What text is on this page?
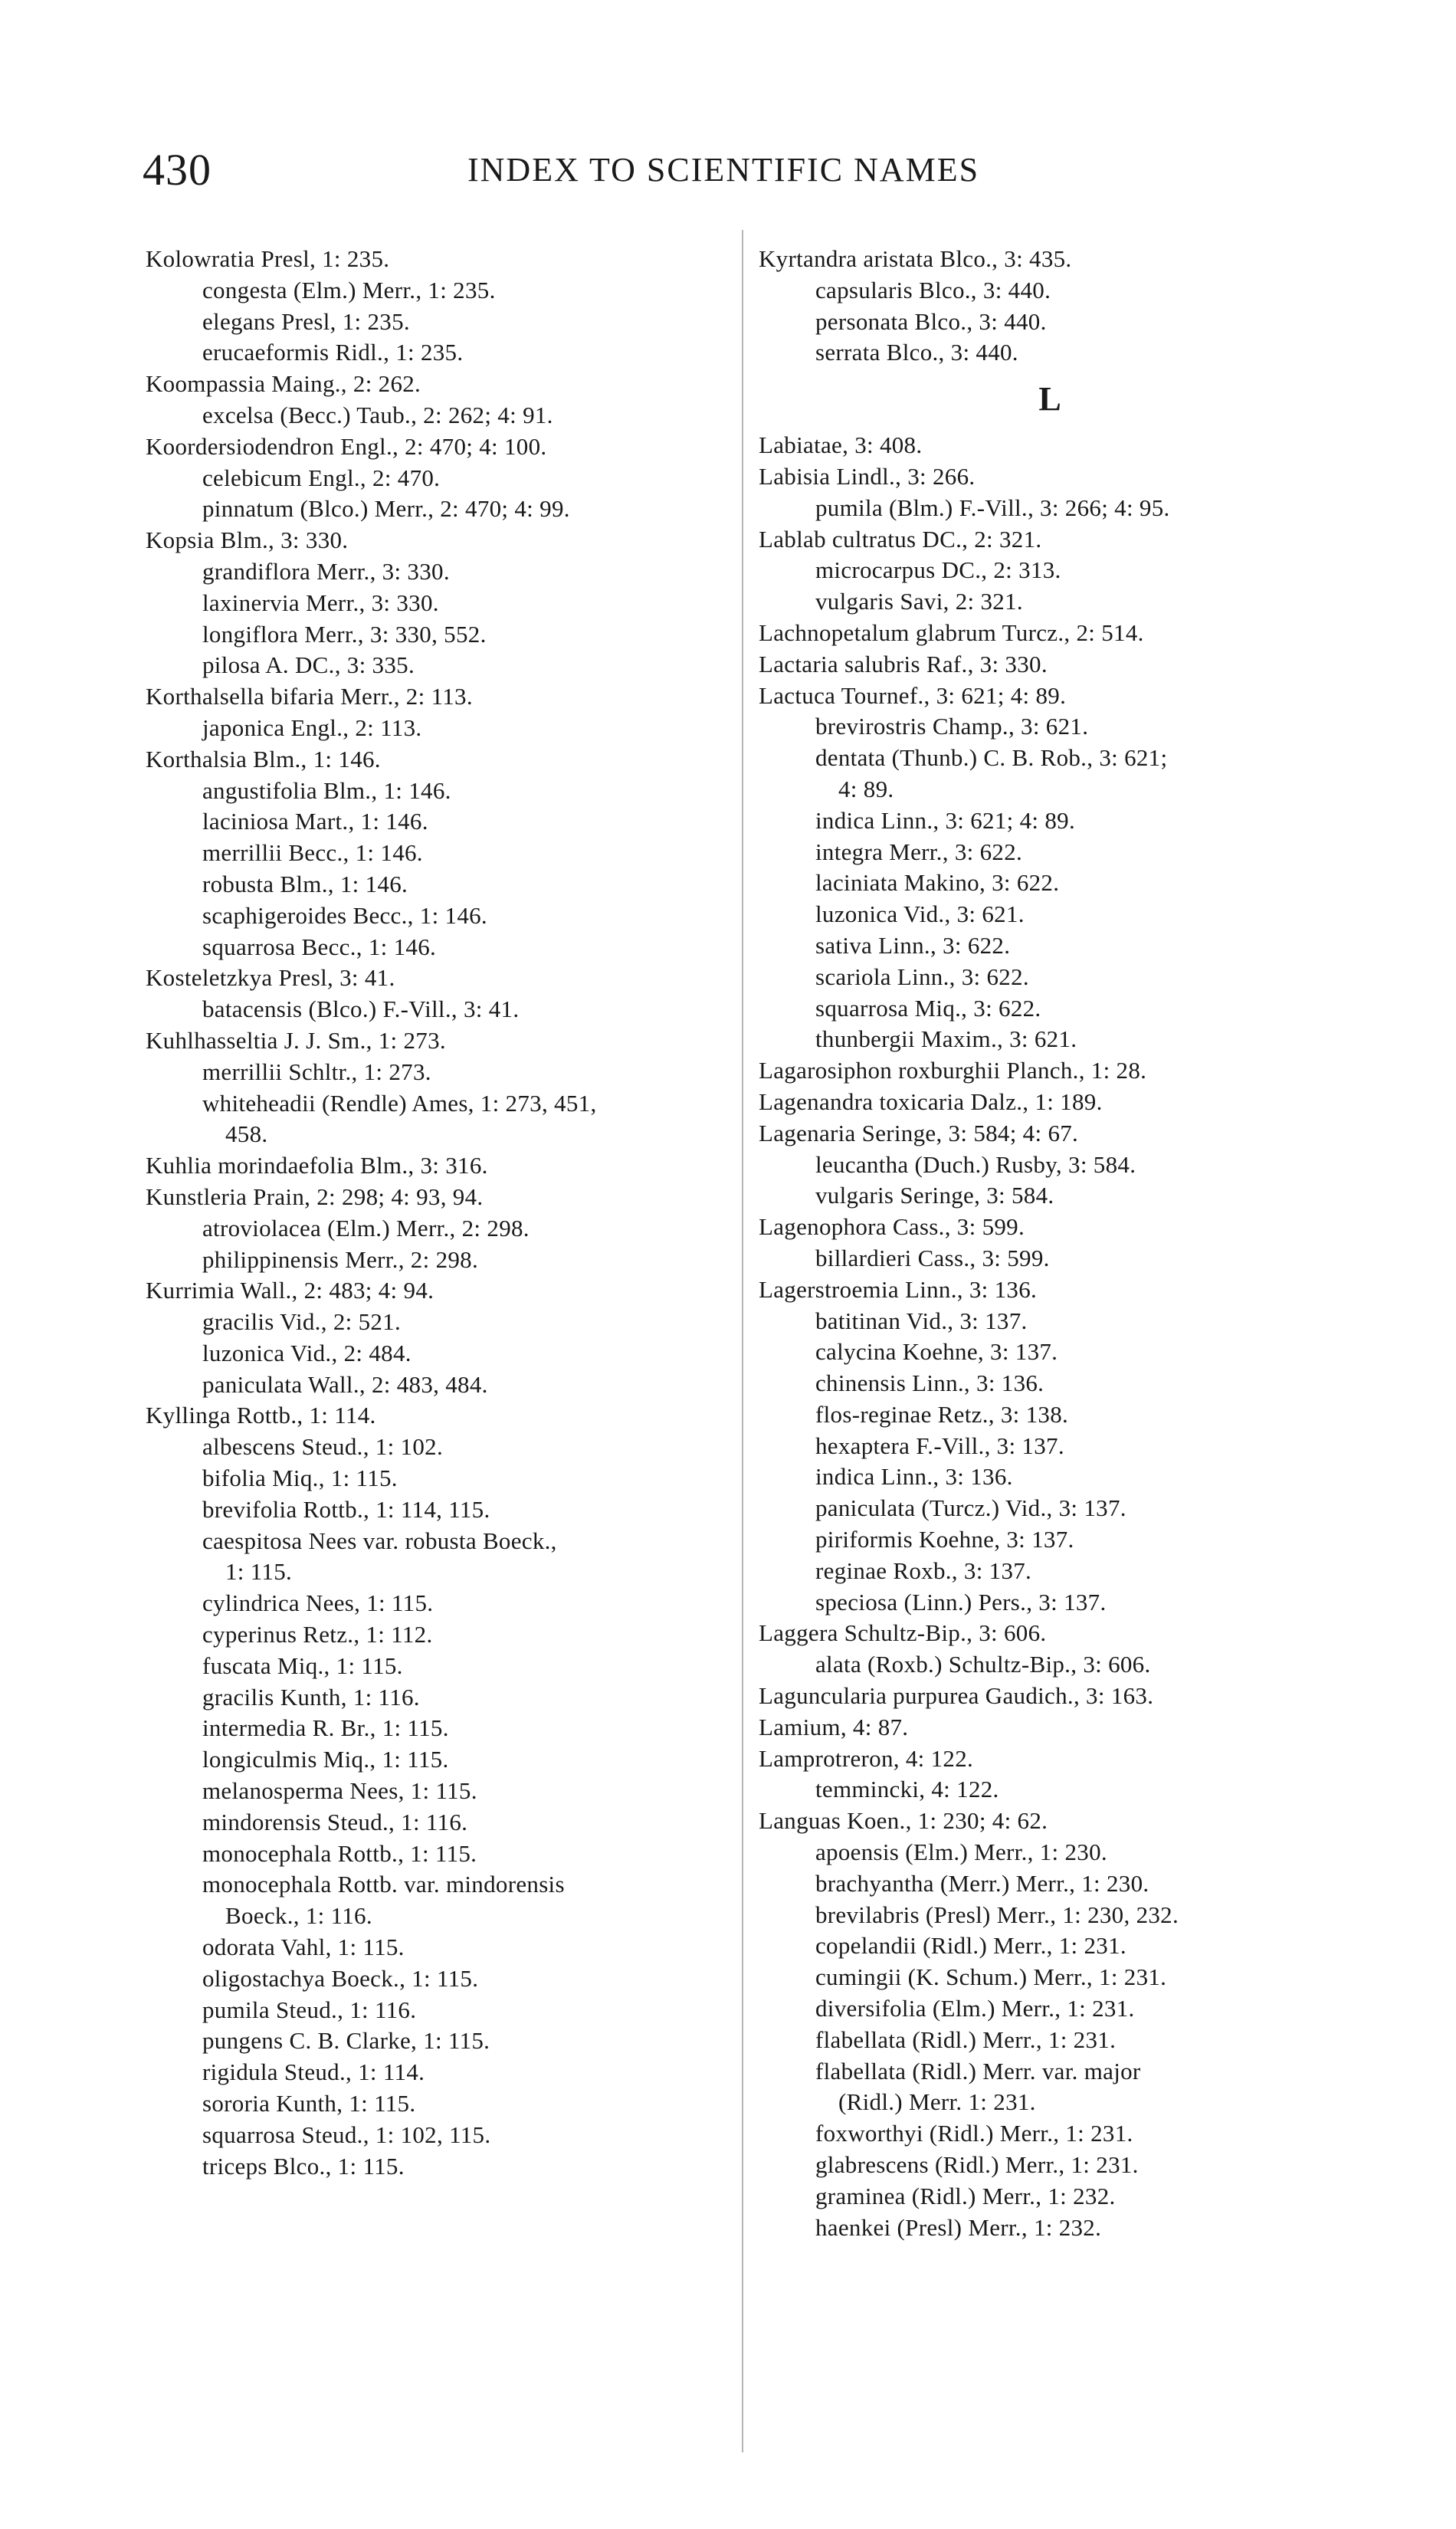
430	INDEX TO SCIENTIFIC NAMES
Kolowratia Presl, 1: 235.
congesta (Elm.) Merr., 1: 235.
elegans Presl, 1: 235.
erucaeformis Ridl., 1: 235.
Koompassia Maing., 2: 262.
excelsa (Becc.) Taub., 2: 262; 4: 91.
Koordersiodendron Engl., 2: 470; 4: 100.
celebicum Engl., 2: 470.
pinnatum (Blco.) Merr., 2: 470; 4: 99.
Kopsia Blm., 3: 330.
grandiflora Merr., 3: 330.
laxinervia Merr., 3: 330.
longiflora Merr., 3: 330, 552.
pilosa A. DC., 3: 335.
Korthalsella bifaria Merr., 2: 113.
japonica Engl., 2: 113.
Korthalsia Blm., 1: 146.
angustifolia Blm., 1: 146.
laciniosa Mart., 1: 146.
merrillii Becc., 1: 146.
robusta Blm., 1: 146.
scaphigeroides Becc., 1: 146.
squarrosa Becc., 1: 146.
Kosteletzkya Presl, 3: 41.
batacensis (Blco.) F.-Vill., 3: 41.
Kuhlhasseltia J. J. Sm., 1: 273.
merrillii Schltr., 1: 273.
whiteheadii (Rendle) Ames, 1: 273, 451,
458.
Kuhlia morindaefolia Blm., 3: 316.
Kunstleria Prain, 2: 298; 4: 93, 94.
atroviolacea (Elm.) Merr., 2: 298.
philippinensis Merr., 2: 298.
Kurrimia Wall., 2: 483; 4: 94.
gracilis Vid., 2: 521.
luzonica Vid., 2: 484.
paniculata Wall., 2: 483, 484.
Kyllinga Rottb., 1: 114.
albescens Steud., 1: 102.
bifolia Miq., 1: 115.
brevifolia Rottb., 1: 114, 115.
caespitosa Nees var. robusta Boeck.,
1: 115.
cylindrica Nees, 1: 115.
cyperinus Retz., 1: 112.
fuscata Miq., 1: 115.
gracilis Kunth, 1: 116.
intermedia R. Br., 1: 115.
longiculmis Miq., 1: 115.
melanosperma Nees, 1: 115.
mindorensis Steud., 1: 116.
monocephala Rottb., 1: 115.
monocephala Rottb. var. mindorensis
Boeck., 1: 116.
odorata Vahl, 1: 115.
oligostachya Boeck., 1: 115.
pumila Steud., 1: 116.
pungens C. B. Clarke, 1: 115.
rigidula Steud., 1: 114.
sororia Kunth, 1: 115.
squarrosa Steud., 1: 102, 115.
triceps Blco., 1: 115.
Kyrtandra aristata Blco., 3: 435.
capsularis Blco., 3: 440.
personata Blco., 3: 440.
serrata Blco., 3: 440.
L
Labiatae, 3: 408.
Labisia Lindl., 3: 266.
pumila (Blm.) F.-Vill., 3: 266; 4: 95.
Lablab cultratus DC., 2: 321.
microcarpus DC., 2: 313.
vulgaris Savi, 2: 321.
Lachnopetalum glabrum Turcz., 2: 514.
Lactaria salubris Raf., 3: 330.
Lactuca Tournef., 3: 621; 4: 89.
brevirostris Champ., 3: 621.
dentata (Thunb.) C. B. Rob., 3: 621;
4: 89.
indica Linn., 3: 621; 4: 89.
integra Merr., 3: 622.
laciniata Makino, 3: 622.
luzonica Vid., 3: 621.
sativa Linn., 3: 622.
scariola Linn., 3: 622.
squarrosa Miq., 3: 622.
thunbergii Maxim., 3: 621.
Lagarosiphon roxburghii Planch., 1: 28.
Lagenandra toxicaria Dalz., 1: 189.
Lagenaria Seringe, 3: 584; 4: 67.
leucantha (Duch.) Rusby, 3: 584.
vulgaris Seringe, 3: 584.
Lagenophora Cass., 3: 599.
billardieri Cass., 3: 599.
Lagerstroemia Linn., 3: 136.
batitinan Vid., 3: 137.
calycina Koehne, 3: 137.
chinensis Linn., 3: 136.
flos-reginae Retz., 3: 138.
hexaptera F.-Vill., 3: 137.
indica Linn., 3: 136.
paniculata (Turcz.) Vid., 3: 137.
piriformis Koehne, 3: 137.
reginae Roxb., 3: 137.
speciosa (Linn.) Pers., 3: 137.
Laggera Schultz-Bip., 3: 606.
alata (Roxb.) Schultz-Bip., 3: 606.
Laguncularia purpurea Gaudich., 3: 163.
Lamium, 4: 87.
Lamprotreron, 4: 122.
temmincki, 4: 122.
Languas Koen., 1: 230; 4: 62.
apoensis (Elm.) Merr., 1: 230.
brachyantha (Merr.) Merr., 1: 230.
brevilabris (Presl) Merr., 1: 230, 232.
copelandii (Ridl.) Merr., 1: 231.
cumingii (K. Schum.) Merr., 1: 231.
diversifolia (Elm.) Merr., 1: 231.
flabellata (Ridl.) Merr., 1: 231.
flabellata (Ridl.) Merr. var. major
(Ridl.) Merr. 1: 231.
foxworthyi (Ridl.) Merr., 1: 231.
glabrescens (Ridl.) Merr., 1: 231.
graminea (Ridl.) Merr., 1: 232.
haenkei (Presl) Merr., 1: 232.
